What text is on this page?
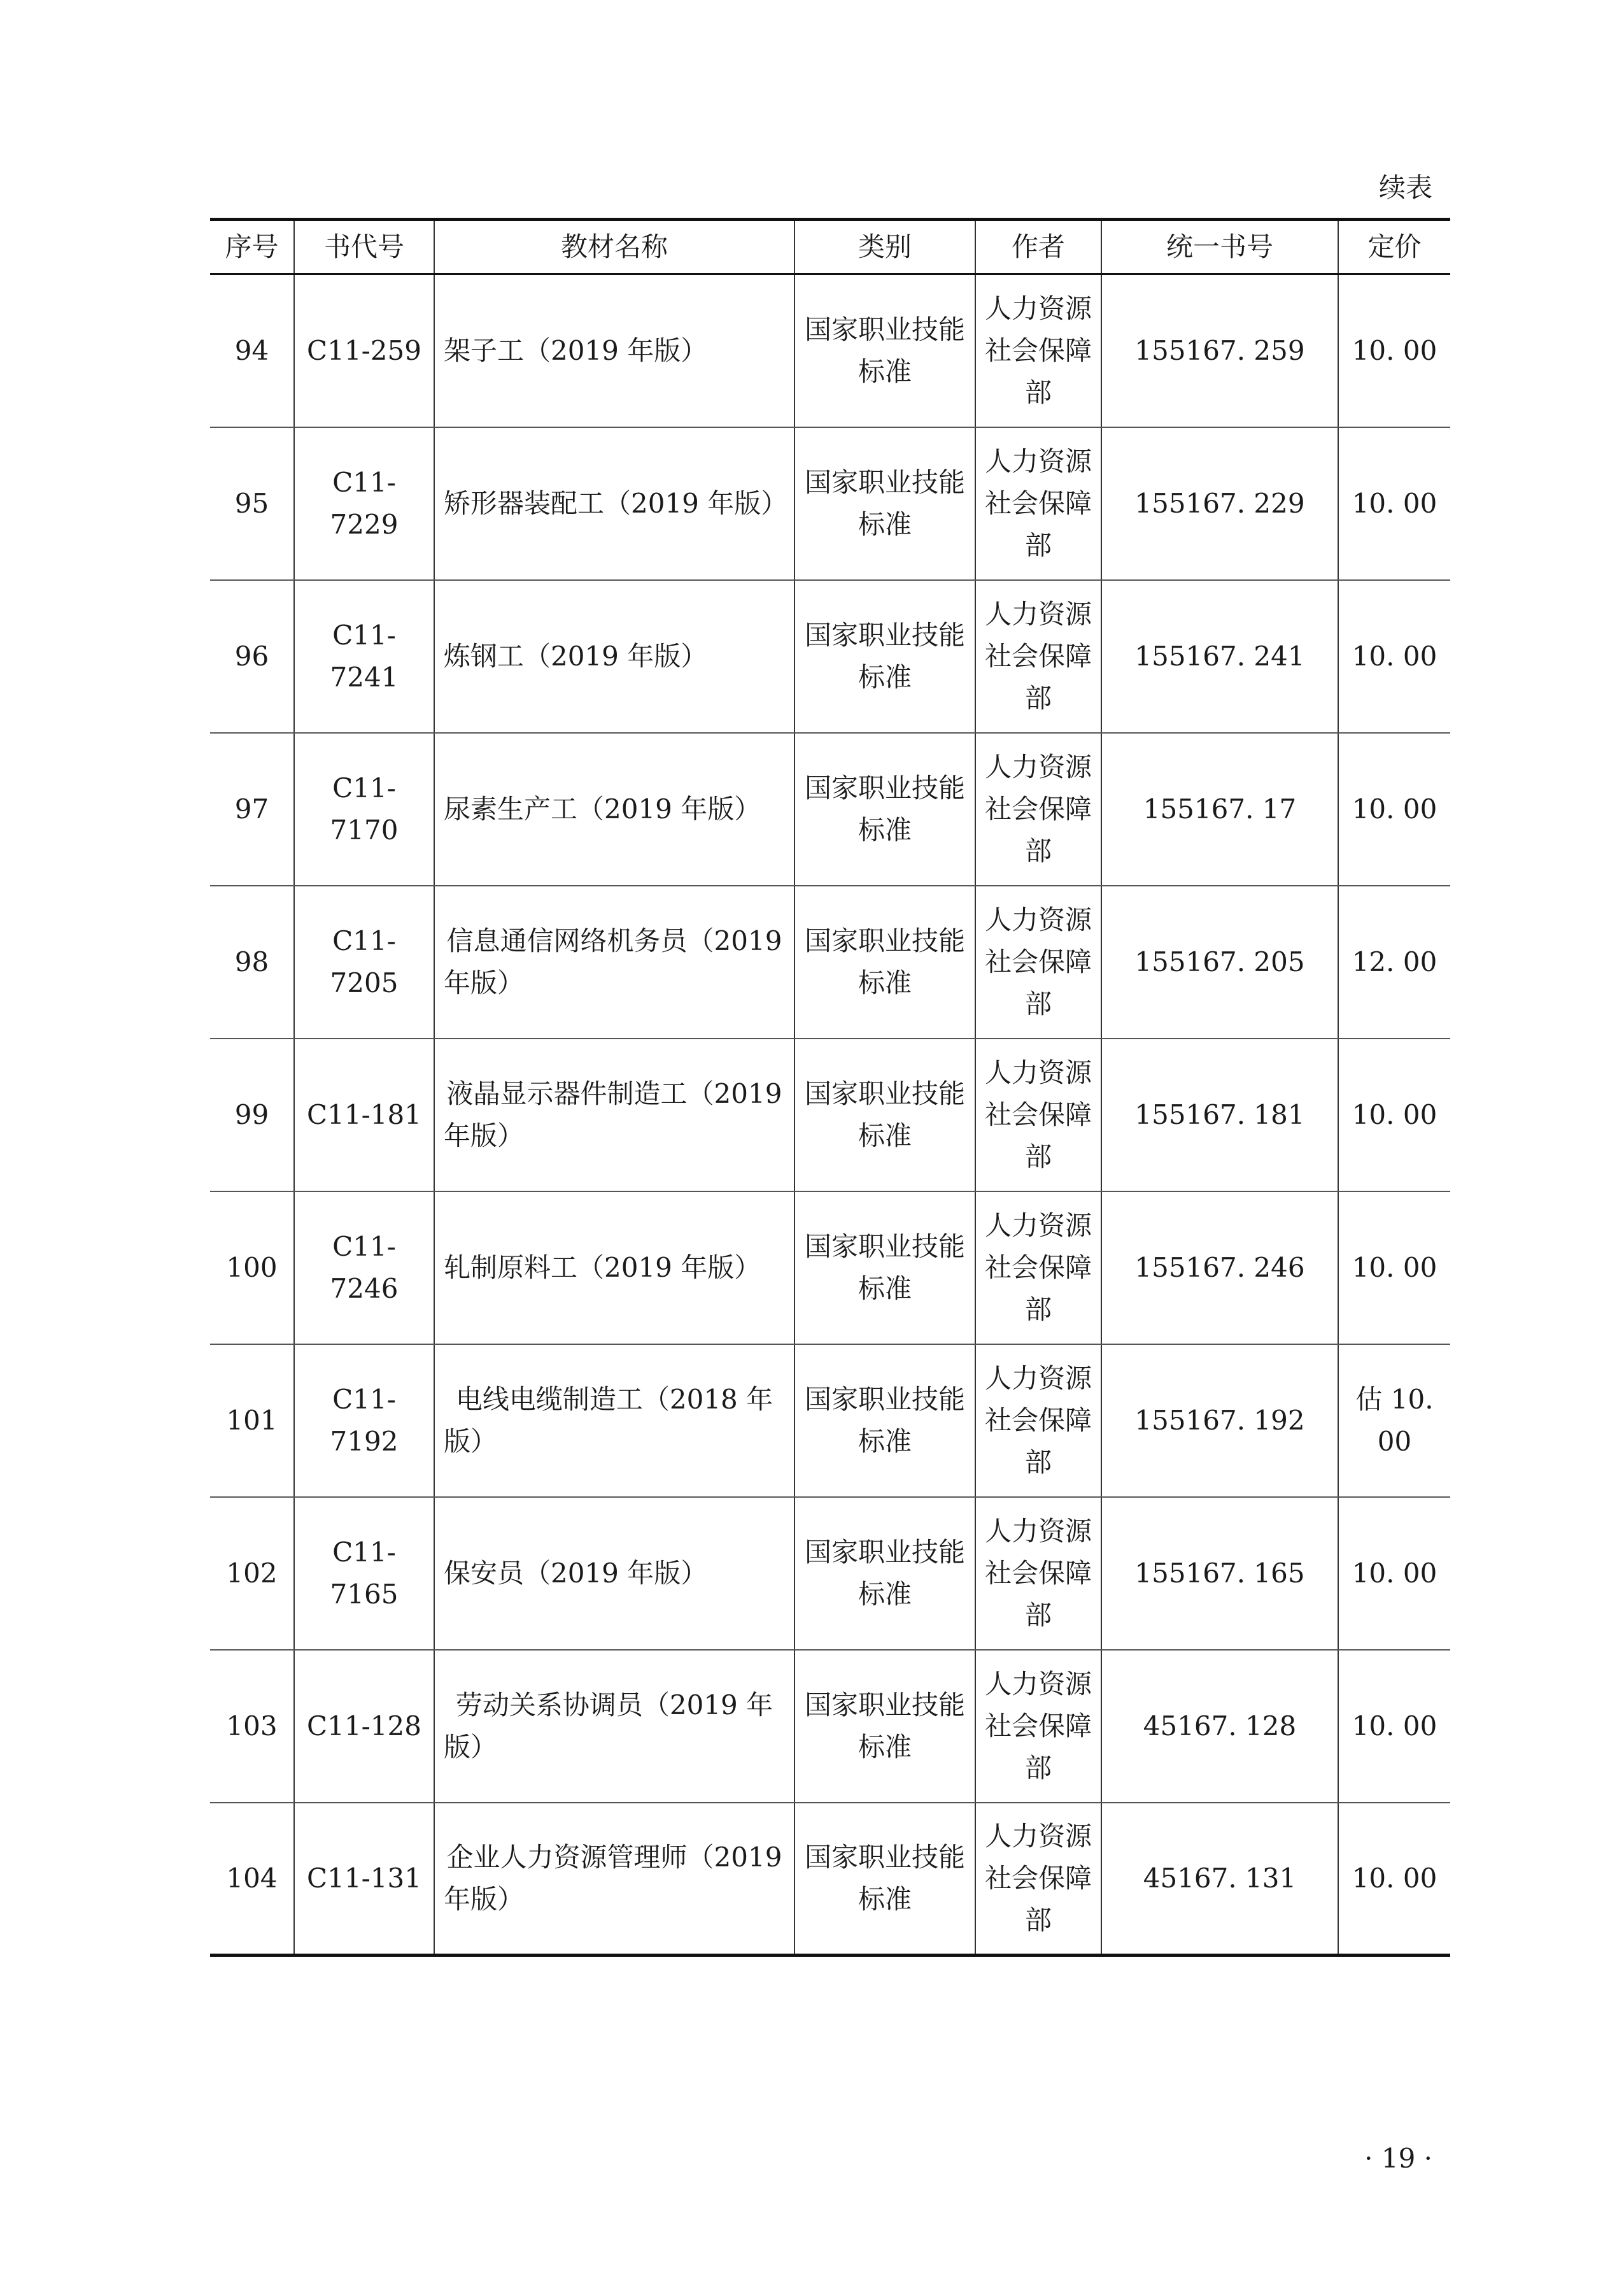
续表
序号	书代号	教材名称	类别	作者	统一书号	定价
94	C11-259	架子工（2019 年版）	国家职业技能标准	人力资源社会保障部	155167. 259	10. 00
95	C11-7229	矫形器装配工（2019 年版）	国家职业技能标准	人力资源社会保障部	155167. 229	10. 00
96	C11-7241	炼钢工（2019 年版）	国家职业技能标准	人力资源社会保障部	155167. 241	10. 00
97	C11-7170	尿素生产工（2019 年版）	国家职业技能标准	人力资源社会保障部	155167. 17	10. 00
98	C11-7205	信息通信网络机务员（2019 年版）	国家职业技能标准	人力资源社会保障部	155167. 205	12. 00
99	C11-181	液晶显示器件制造工（2019 年版）	国家职业技能标准	人力资源社会保障部	155167. 181	10. 00
100	C11-7246	轧制原料工（2019 年版）	国家职业技能标准	人力资源社会保障部	155167. 246	10. 00
101	C11-7192	电线电缆制造工（2018 年版）	国家职业技能标准	人力资源社会保障部	155167. 192	估 10. 00
102	C11-7165	保安员（2019 年版）	国家职业技能标准	人力资源社会保障部	155167. 165	10. 00
103	C11-128	劳动关系协调员（2019 年版）	国家职业技能标准	人力资源社会保障部	45167. 128	10. 00
104	C11-131	企业人力资源管理师（2019 年版）	国家职业技能标准	人力资源社会保障部	45167. 131	10. 00
· 19 ·
